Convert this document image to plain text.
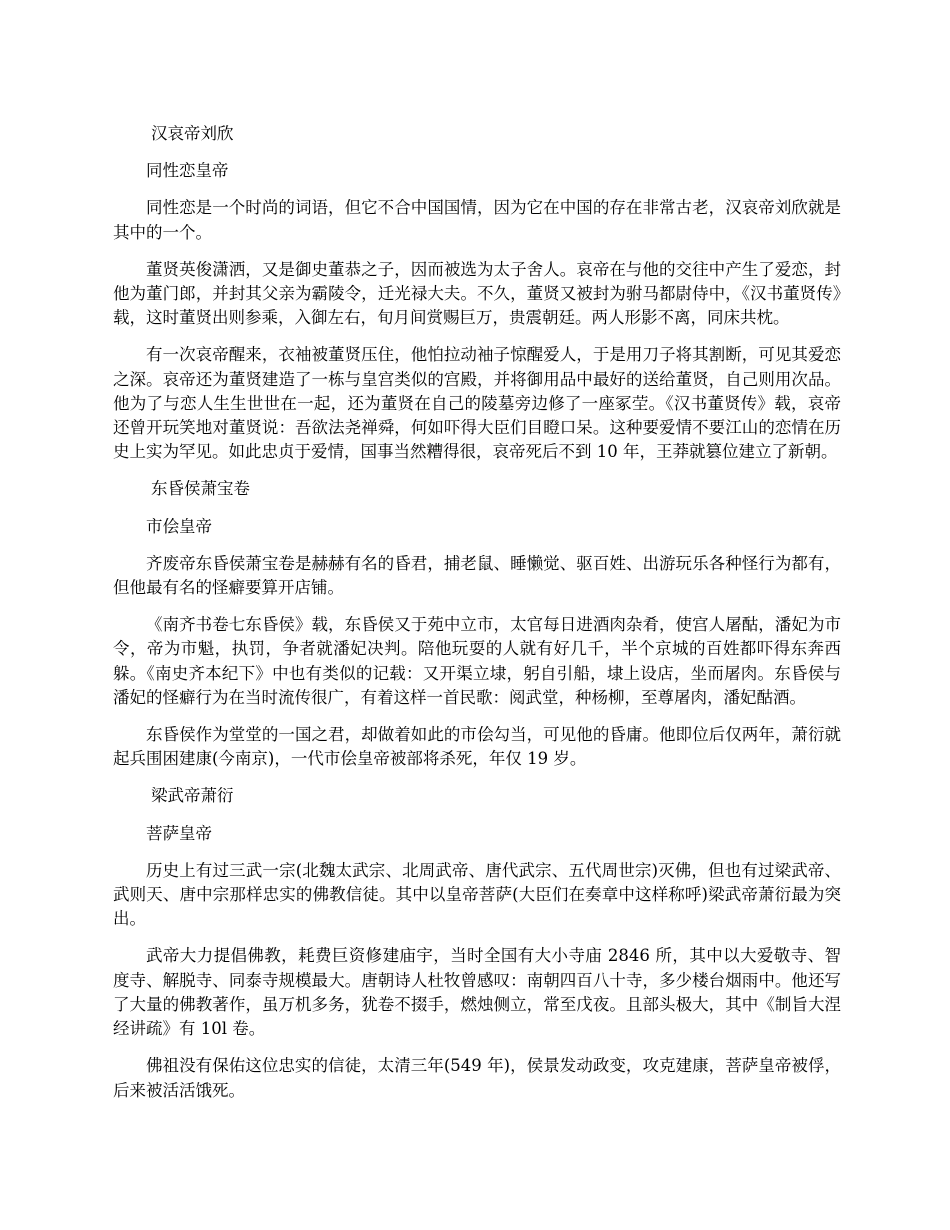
汉哀帝刘欣

同性恋皇帝

同性恋是一个时尚的词语，但它不合中国国情，因为它在中国的存在非常古老，汉哀帝刘欣就是其中的一个。

董贤英俊潇洒，又是御史董恭之子，因而被选为太子舍人。哀帝在与他的交往中产生了爱恋，封他为董门郎，并封其父亲为霸陵令，迁光禄大夫。不久，董贤又被封为驸马都尉侍中，《汉书董贤传》载，这时董贤出则参乘，入御左右，旬月间赏赐巨万，贵震朝廷。两人形影不离，同床共枕。

有一次哀帝醒来，衣袖被董贤压住，他怕拉动袖子惊醒爱人，于是用刀子将其割断，可见其爱恋之深。哀帝还为董贤建造了一栋与皇宫类似的宫殿，并将御用品中最好的送给董贤，自己则用次品。他为了与恋人生生世世在一起，还为董贤在自己的陵墓旁边修了一座冢茔。《汉书董贤传》载，哀帝还曾开玩笑地对董贤说：吾欲法尧禅舜，何如吓得大臣们目瞪口呆。这种要爱情不要江山的恋情在历史上实为罕见。如此忠贞于爱情，国事当然糟得很，哀帝死后不到 10 年，王莽就篡位建立了新朝。

东昏侯萧宝卷

市侩皇帝

齐废帝东昏侯萧宝卷是赫赫有名的昏君，捕老鼠、睡懒觉、驱百姓、出游玩乐各种怪行为都有，但他最有名的怪癖要算开店铺。

《南齐书卷七东昏侯》载，东昏侯又于苑中立市，太官每日进酒肉杂肴，使宫人屠酤，潘妃为市令，帝为市魁，执罚，争者就潘妃决判。陪他玩耍的人就有好几千，半个京城的百姓都吓得东奔西躲。《南史齐本纪下》中也有类似的记载：又开渠立埭，躬自引船，埭上设店，坐而屠肉。东昏侯与潘妃的怪癖行为在当时流传很广，有着这样一首民歌：阅武堂，种杨柳，至尊屠肉，潘妃酤酒。

东昏侯作为堂堂的一国之君，却做着如此的市侩勾当，可见他的昏庸。他即位后仅两年，萧衍就起兵围困建康(今南京)，一代市侩皇帝被部将杀死，年仅 19 岁。

梁武帝萧衍

菩萨皇帝

历史上有过三武一宗(北魏太武宗、北周武帝、唐代武宗、五代周世宗)灭佛，但也有过梁武帝、武则天、唐中宗那样忠实的佛教信徒。其中以皇帝菩萨(大臣们在奏章中这样称呼)梁武帝萧衍最为突出。

武帝大力提倡佛教，耗费巨资修建庙宇，当时全国有大小寺庙 2846 所，其中以大爱敬寺、智度寺、解脱寺、同泰寺规模最大。唐朝诗人杜牧曾感叹：南朝四百八十寺，多少楼台烟雨中。他还写了大量的佛教著作，虽万机多务，犹卷不掇手，燃烛侧立，常至戊夜。且部头极大，其中《制旨大涅 经讲疏》有 10l 卷。

佛祖没有保佑这位忠实的信徒，太清三年(549 年)，侯景发动政变，攻克建康，菩萨皇帝被俘，后来被活活饿死。
